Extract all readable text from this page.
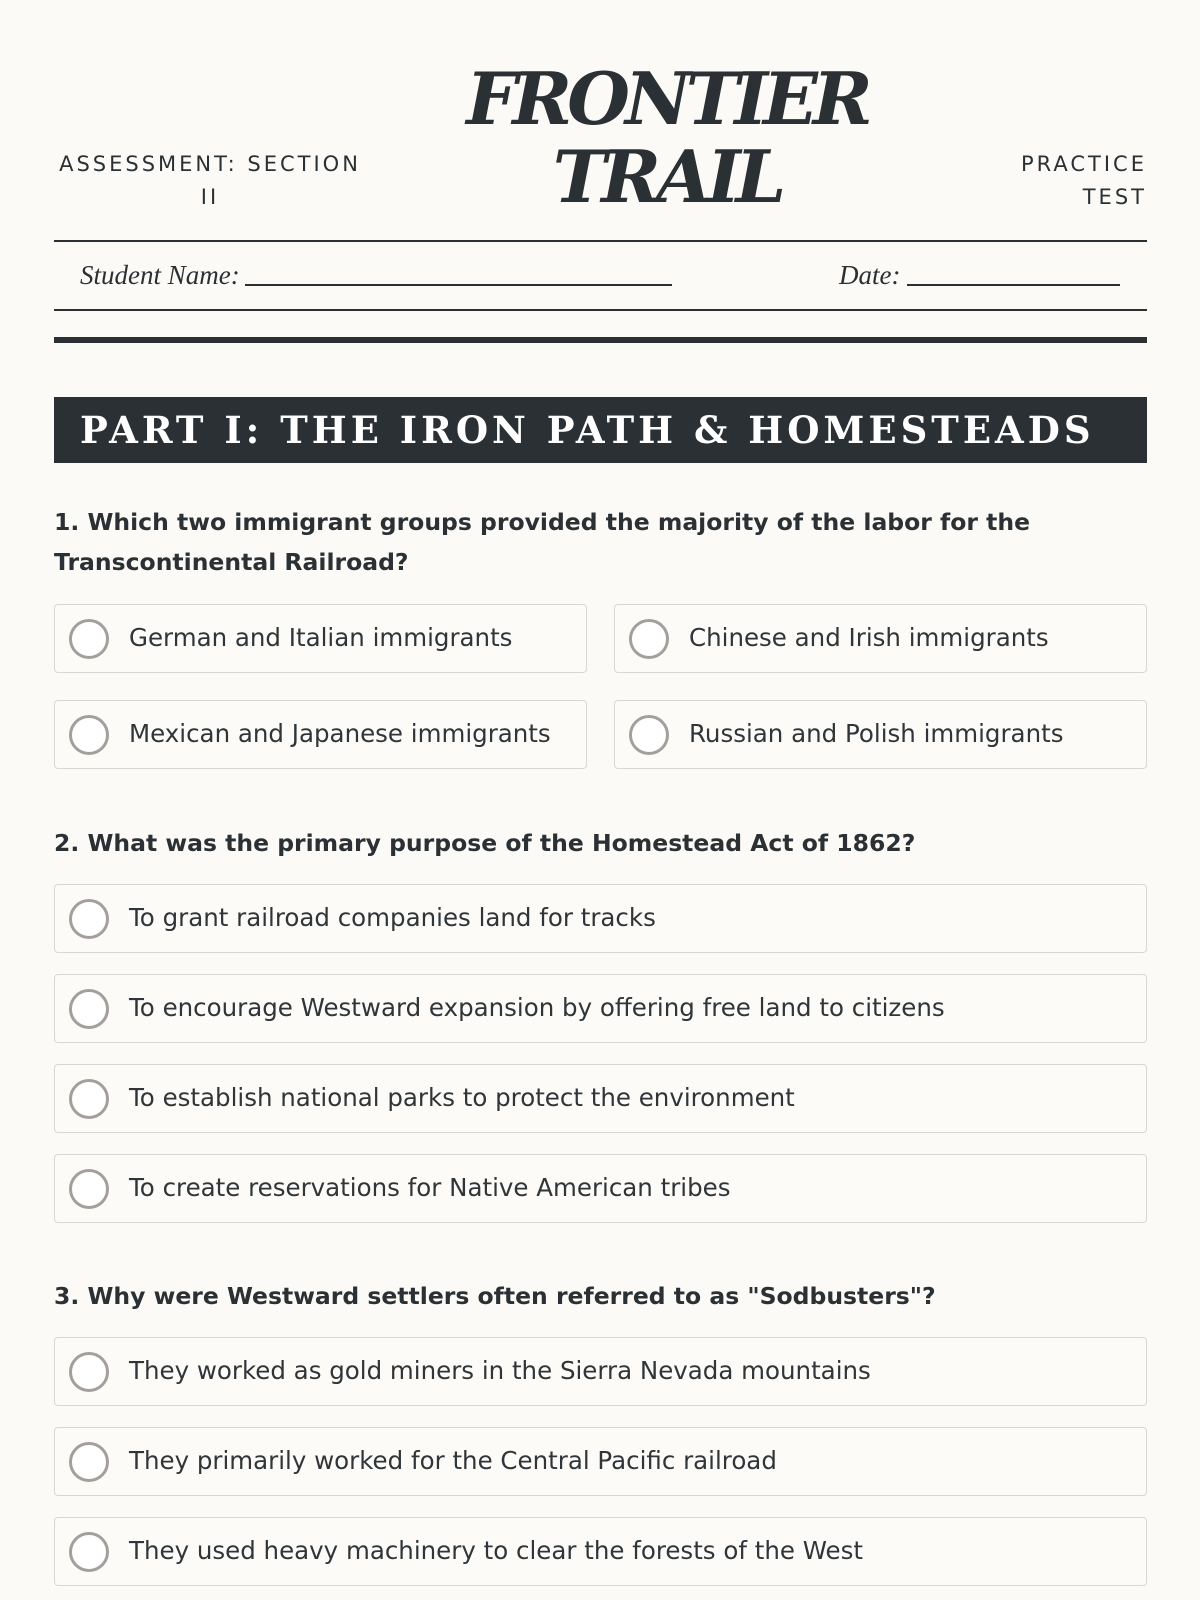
ASSESSMENT: SECTION II
FRONTIER
TRAIL	PRACTICE TEST
Student Name:	Date:
PART I: THE IRON PATH & HOMESTEADS
1. Which two immigrant groups provided the majority of the labor for the Transcontinental Railroad?
German and Italian immigrants	Chinese and Irish immigrants
Mexican and Japanese immigrants	Russian and Polish immigrants
2. What was the primary purpose of the Homestead Act of 1862?
To grant railroad companies land for tracks
To encourage Westward expansion by offering free land to citizens
To establish national parks to protect the environment
To create reservations for Native American tribes
3. Why were Westward settlers often referred to as "Sodbusters"?
They worked as gold miners in the Sierra Nevada mountains
They primarily worked for the Central Pacific railroad
They used heavy machinery to clear the forests of the West
